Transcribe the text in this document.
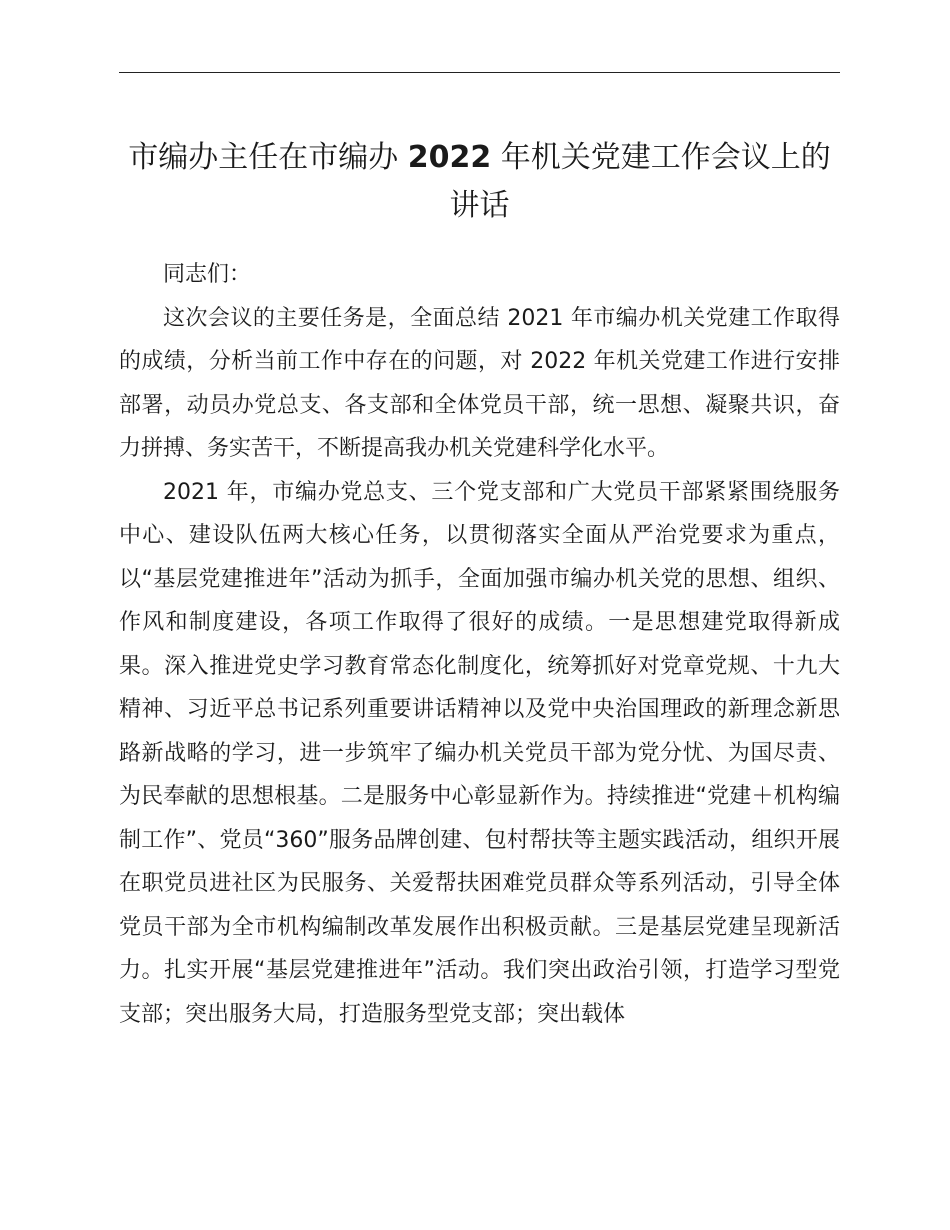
市编办主任在市编办 2022 年机关党建工作会议上的讲话

同志们：

这次会议的主要任务是，全面总结 2021 年市编办机关党建工作取得的成绩，分析当前工作中存在的问题，对 2022 年机关党建工作进行安排部署，动员办党总支、各支部和全体党员干部，统一思想、凝聚共识，奋力拼搏、务实苦干，不断提高我办机关党建科学化水平。

2021 年，市编办党总支、三个党支部和广大党员干部紧紧围绕服务中心、建设队伍两大核心任务，以贯彻落实全面从严治党要求为重点，以“基层党建推进年”活动为抓手，全面加强市编办机关党的思想、组织、作风和制度建设，各项工作取得了很好的成绩。一是思想建党取得新成果。深入推进党史学习教育常态化制度化，统筹抓好对党章党规、十九大精神、习近平总书记系列重要讲话精神以及党中央治国理政的新理念新思路新战略的学习，进一步筑牢了编办机关党员干部为党分忧、为国尽责、为民奉献的思想根基。二是服务中心彰显新作为。持续推进“党建＋机构编制工作”、党员“360”服务品牌创建、包村帮扶等主题实践活动，组织开展在职党员进社区为民服务、关爱帮扶困难党员群众等系列活动，引导全体党员干部为全市机构编制改革发展作出积极贡献。三是基层党建呈现新活力。扎实开展“基层党建推进年”活动。我们突出政治引领，打造学习型党支部；突出服务大局，打造服务型党支部；突出载体
